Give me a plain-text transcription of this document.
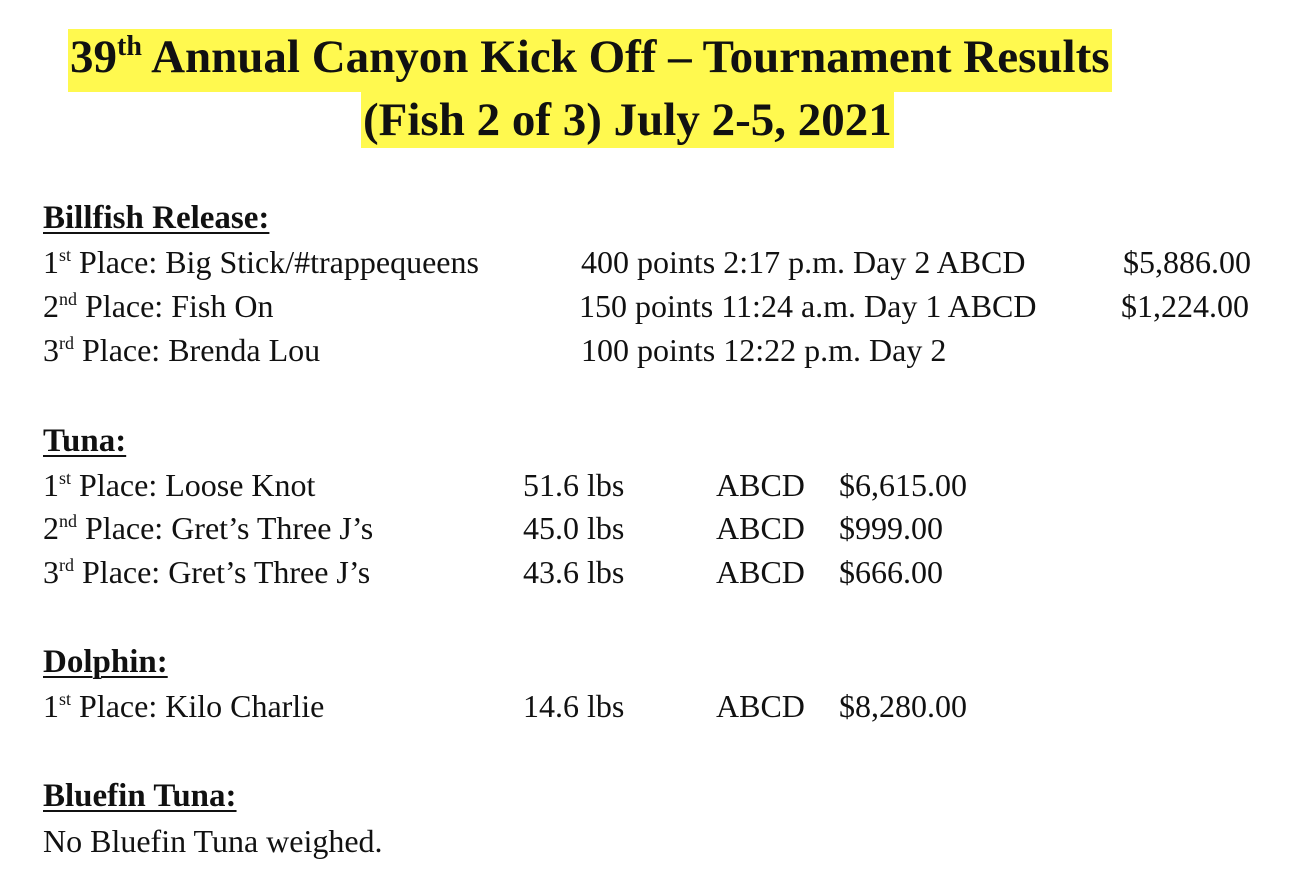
39th Annual Canyon Kick Off – Tournament Results
(Fish 2 of 3) July 2-5, 2021
Billfish Release:
1st Place: Big Stick/#trappequeens	400 points 2:17 p.m. Day 2 ABCD	$5,886.00
2nd Place: Fish On	150 points 11:24 a.m. Day 1 ABCD	$1,224.00
3rd Place: Brenda Lou	100 points 12:22 p.m. Day 2
Tuna:
1st Place: Loose Knot	51.6 lbs	ABCD $6,615.00
2nd Place: Gret’s Three J’s	45.0 lbs	ABCD $999.00
3rd Place: Gret’s Three J’s	43.6 lbs	ABCD $666.00
Dolphin:
1st Place: Kilo Charlie	14.6 lbs	ABCD $8,280.00
Bluefin Tuna:
No Bluefin Tuna weighed.
